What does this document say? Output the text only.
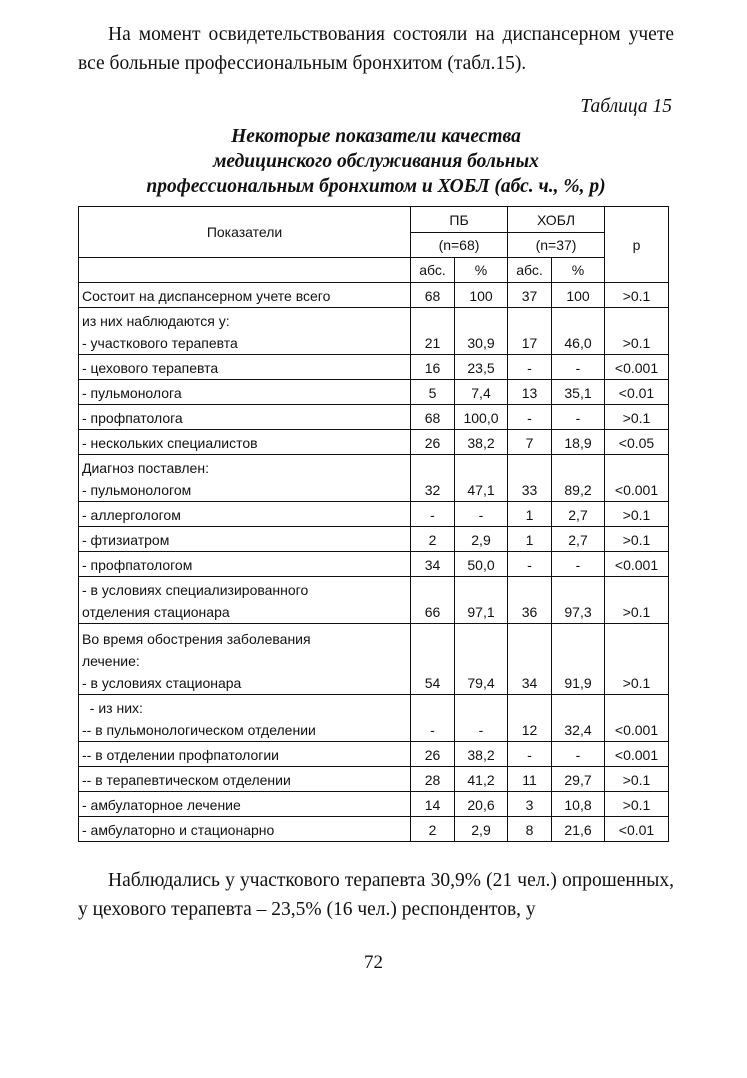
На момент освидетельствования состояли на диспансерном учете все больные профессиональным бронхитом (табл.15).
Таблица 15
Некоторые показатели качества
медицинского обслуживания больных
профессиональным бронхитом и ХОБЛ (абс. ч., %, р)
Показатели	ПБ		ХОБЛ		р
	(n=68)		(n=37)		
	абс.	%	абс.	%	

Состоит на диспансерном учете всего	68	100	37	100	>0.1

из них наблюдаются у:
- участкового терапевта	21	30,9	17	46,0	>0.1

- цехового терапевта	16	23,5	-	-	<0.001

- пульмонолога	5	7,4	13	35,1	<0.01

- профпатолога	68	100,0	-	-	>0.1

- нескольких специалистов	26	38,2	7	18,9	<0.05

Диагноз поставлен:
- пульмонологом	32	47,1	33	89,2	<0.001

- аллергологом	-	-	1	2,7	>0.1

- фтизиатром	2	2,9	1	2,7	>0.1

- профпатологом	34	50,0	-	-	<0.001

- в условиях специализированного
отделения стационара	66	97,1	36	97,3	>0.1

Во время обострения заболевания
лечение:
- в условиях стационара	54	79,4	34	91,9	>0.1

- из них:
-- в пульмонологическом отделении	-	-	12	32,4	<0.001

-- в отделении профпатологии	26	38,2	-	-	<0.001

-- в терапевтическом отделении	28	41,2	11	29,7	>0.1

- амбулаторное лечение	14	20,6	3	10,8	>0.1

- амбулаторно и стационарно	2	2,9	8	21,6	<0.01
Наблюдались у участкового терапевта 30,9% (21 чел.) опрошенных, у цехового терапевта – 23,5% (16 чел.) респондентов, у
72
